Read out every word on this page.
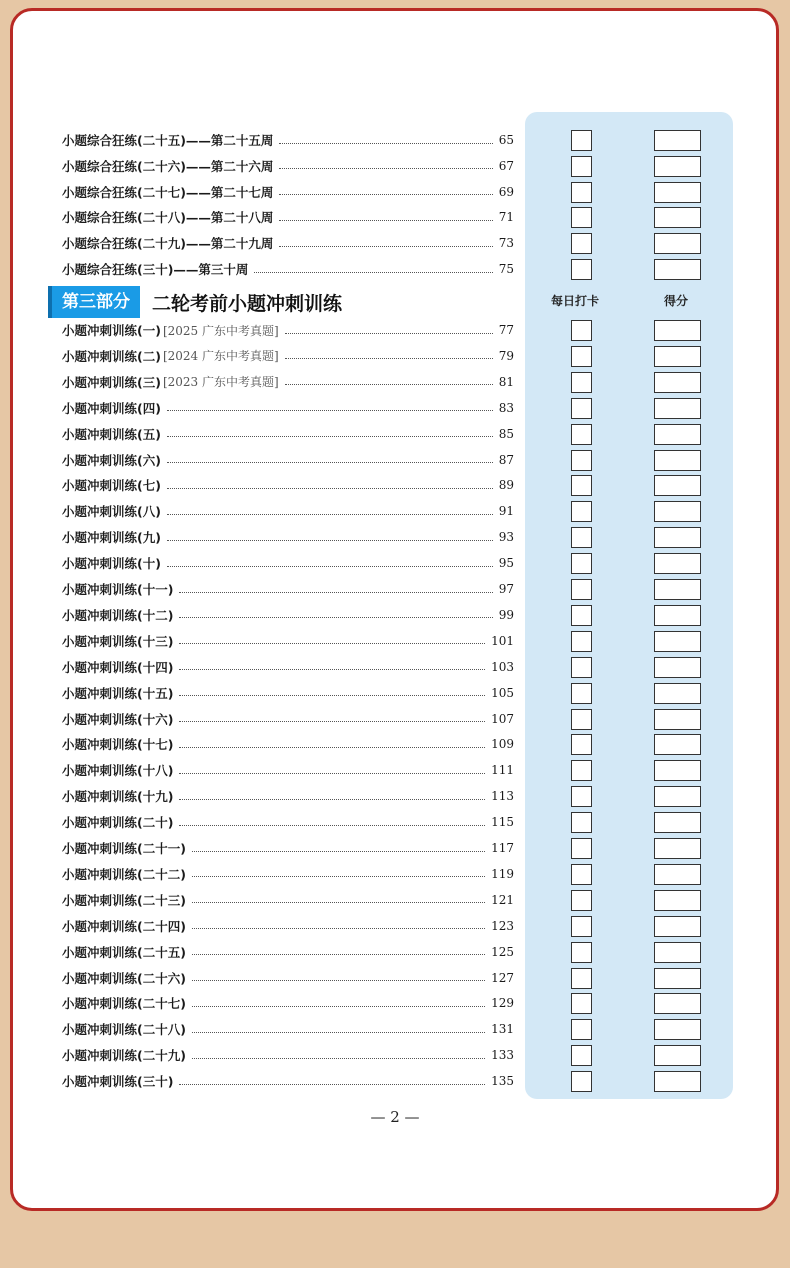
第三部分	二轮考前小题冲刺训练	每日打卡	得分
小题综合狂练(二十五)——第二十五周	65
小题综合狂练(二十六)——第二十六周	67
小题综合狂练(二十七)——第二十七周	69
小题综合狂练(二十八)——第二十八周	71
小题综合狂练(二十九)——第二十九周	73
小题综合狂练(三十)——第三十周	75
小题冲刺训练(一) [2025 广东中考真题]	77
小题冲刺训练(二) [2024 广东中考真题]	79
小题冲刺训练(三) [2023 广东中考真题]	81
小题冲刺训练(四)	83
小题冲刺训练(五)	85
小题冲刺训练(六)	87
小题冲刺训练(七)	89
小题冲刺训练(八)	91
小题冲刺训练(九)	93
小题冲刺训练(十)	95
小题冲刺训练(十一)	97
小题冲刺训练(十二)	99
小题冲刺训练(十三)	101
小题冲刺训练(十四)	103
小题冲刺训练(十五)	105
小题冲刺训练(十六)	107
小题冲刺训练(十七)	109
小题冲刺训练(十八)	111
小题冲刺训练(十九)	113
小题冲刺训练(二十)	115
小题冲刺训练(二十一)	117
小题冲刺训练(二十二)	119
小题冲刺训练(二十三)	121
小题冲刺训练(二十四)	123
小题冲刺训练(二十五)	125
小题冲刺训练(二十六)	127
小题冲刺训练(二十七)	129
小题冲刺训练(二十八)	131
小题冲刺训练(二十九)	133
小题冲刺训练(三十)	135
— 2 —
